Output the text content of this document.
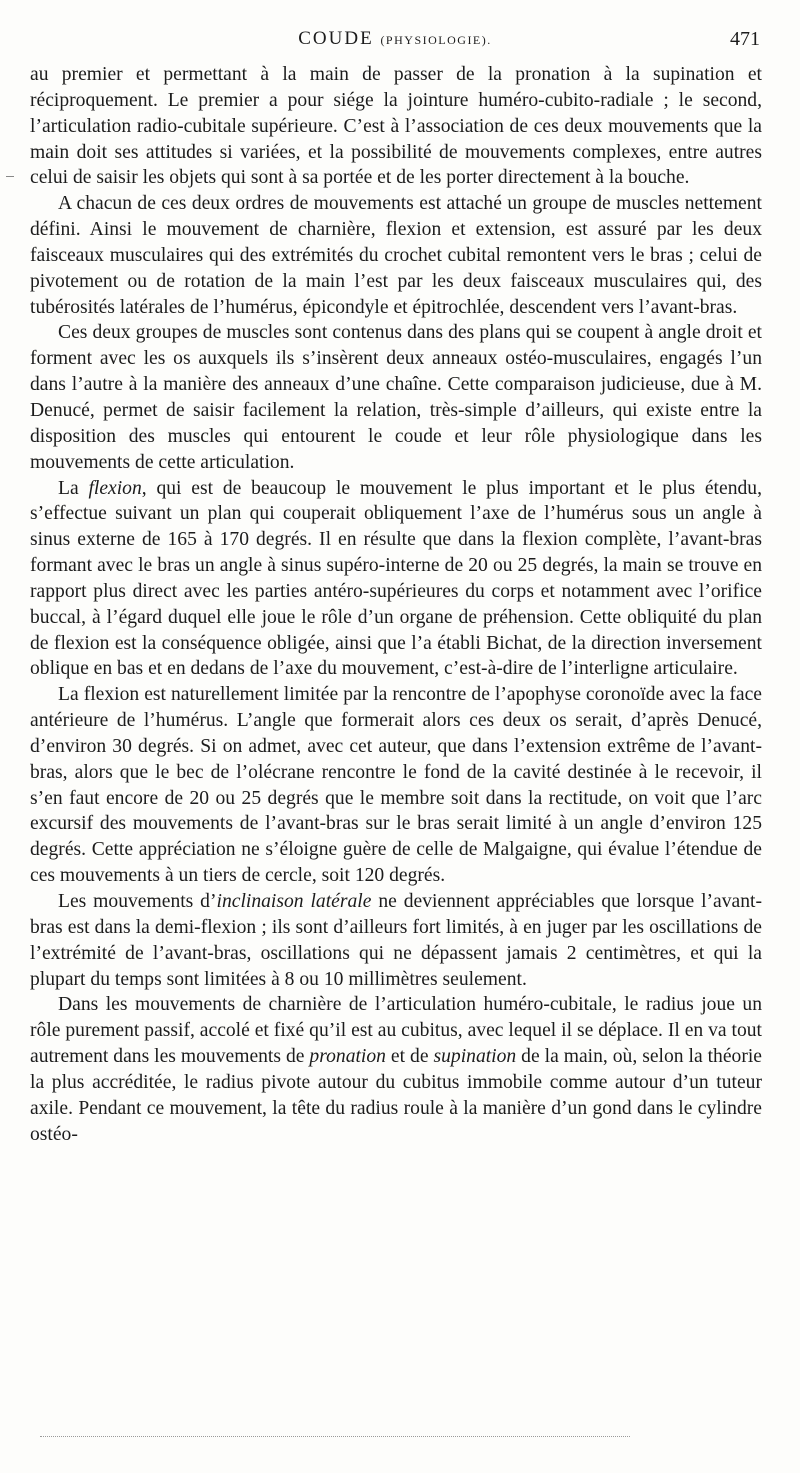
COUDE (PHYSIOLOGIE).	471

au premier et permettant à la main de passer de la pronation à la supination et réciproquement. Le premier a pour siége la jointure huméro-cubito-radiale ; le second, l’articulation radio-cubitale supérieure. C’est à l’association de ces deux mouvements que la main doit ses attitudes si variées, et la possibilité de mouvements complexes, entre autres celui de saisir les objets qui sont à sa portée et de les porter directement à la bouche.

A chacun de ces deux ordres de mouvements est attaché un groupe de muscles nettement défini. Ainsi le mouvement de charnière, flexion et extension, est assuré par les deux faisceaux musculaires qui des extrémités du crochet cubital remontent vers le bras ; celui de pivotement ou de rotation de la main l’est par les deux faisceaux musculaires qui, des tubérosités latérales de l’humérus, épicondyle et épitrochlée, descendent vers l’avant-bras.

Ces deux groupes de muscles sont contenus dans des plans qui se coupent à angle droit et forment avec les os auxquels ils s’insèrent deux anneaux ostéo-musculaires, engagés l’un dans l’autre à la manière des anneaux d’une chaîne. Cette comparaison judicieuse, due à M. Denucé, permet de saisir facilement la relation, très-simple d’ailleurs, qui existe entre la disposition des muscles qui entourent le coude et leur rôle physiologique dans les mouvements de cette articulation.

La flexion, qui est de beaucoup le mouvement le plus important et le plus étendu, s’effectue suivant un plan qui couperait obliquement l’axe de l’humérus sous un angle à sinus externe de 165 à 170 degrés. Il en résulte que dans la flexion complète, l’avant-bras formant avec le bras un angle à sinus supéro-interne de 20 ou 25 degrés, la main se trouve en rapport plus direct avec les parties antéro-supérieures du corps et notamment avec l’orifice buccal, à l’égard duquel elle joue le rôle d’un organe de préhension. Cette obliquité du plan de flexion est la conséquence obligée, ainsi que l’a établi Bichat, de la direction inversement oblique en bas et en dedans de l’axe du mouvement, c’est-à-dire de l’interligne articulaire.

La flexion est naturellement limitée par la rencontre de l’apophyse coronoïde avec la face antérieure de l’humérus. L’angle que formerait alors ces deux os serait, d’après Denucé, d’environ 30 degrés. Si on admet, avec cet auteur, que dans l’extension extrême de l’avant-bras, alors que le bec de l’olécrane rencontre le fond de la cavité destinée à le recevoir, il s’en faut encore de 20 ou 25 degrés que le membre soit dans la rectitude, on voit que l’arc excursif des mouvements de l’avant-bras sur le bras serait limité à un angle d’environ 125 degrés. Cette appréciation ne s’éloigne guère de celle de Malgaigne, qui évalue l’étendue de ces mouvements à un tiers de cercle, soit 120 degrés.

Les mouvements d’inclinaison latérale ne deviennent appréciables que lorsque l’avant-bras est dans la demi-flexion ; ils sont d’ailleurs fort limités, à en juger par les oscillations de l’extrémité de l’avant-bras, oscillations qui ne dépassent jamais 2 centimètres, et qui la plupart du temps sont limitées à 8 ou 10 millimètres seulement.

Dans les mouvements de charnière de l’articulation huméro-cubitale, le radius joue un rôle purement passif, accolé et fixé qu’il est au cubitus, avec lequel il se déplace. Il en va tout autrement dans les mouvements de pronation et de supination de la main, où, selon la théorie la plus accréditée, le radius pivote autour du cubitus immobile comme autour d’un tuteur axile. Pendant ce mouvement, la tête du radius roule à la manière d’un gond dans le cylindre ostéo-
